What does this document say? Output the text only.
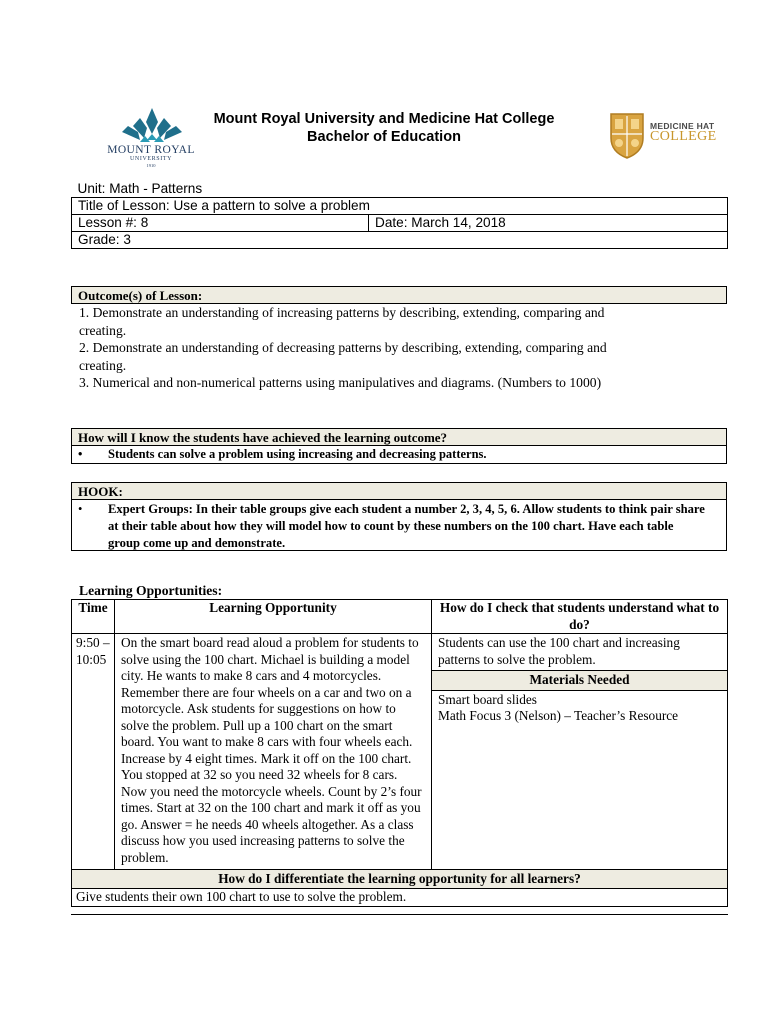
MOUNT ROYAL
UNIVERSITY
1910
Mount Royal University and Medicine Hat College
Bachelor of Education
MEDICINE HAT
COLLEGE
Unit: Math - Patterns
Title of Lesson: Use a pattern to solve a problem
Lesson #: 8	Date: March 14, 2018
Grade: 3
Outcome(s) of Lesson:
1. Demonstrate an understanding of increasing patterns by describing, extending, comparing and creating.
2. Demonstrate an understanding of decreasing patterns by describing, extending, comparing and creating.
3. Numerical and non-numerical patterns using manipulatives and diagrams. (Numbers to 1000)
How will I know the students have achieved the learning outcome?
•	Students can solve a problem using increasing and decreasing patterns.
HOOK:
•	Expert Groups: In their table groups give each student a number 2, 3, 4, 5, 6. Allow students to think pair share at their table about how they will model how to count by these numbers on the 100 chart. Have each table group come up and demonstrate.
Learning Opportunities:
Time	Learning Opportunity	How do I check that students understand what to do?
9:50 – 10:05	On the smart board read aloud a problem for students to solve using the 100 chart. Michael is building a model city. He wants to make 8 cars and 4 motorcycles. Remember there are four wheels on a car and two on a motorcycle. Ask students for suggestions on how to solve the problem. Pull up a 100 chart on the smart board. You want to make 8 cars with four wheels each. Increase by 4 eight times. Mark it off on the 100 chart. You stopped at 32 so you need 32 wheels for 8 cars. Now you need the motorcycle wheels. Count by 2’s four times. Start at 32 on the 100 chart and mark it off as you go. Answer = he needs 40 wheels altogether. As a class discuss how you used increasing patterns to solve the problem.	Students can use the 100 chart and increasing patterns to solve the problem.
		Materials Needed

		Smart board slides
Math Focus 3 (Nelson) – Teacher’s Resource

How do I differentiate the learning opportunity for all learners?		
Give students their own 100 chart to use to solve the problem.		
